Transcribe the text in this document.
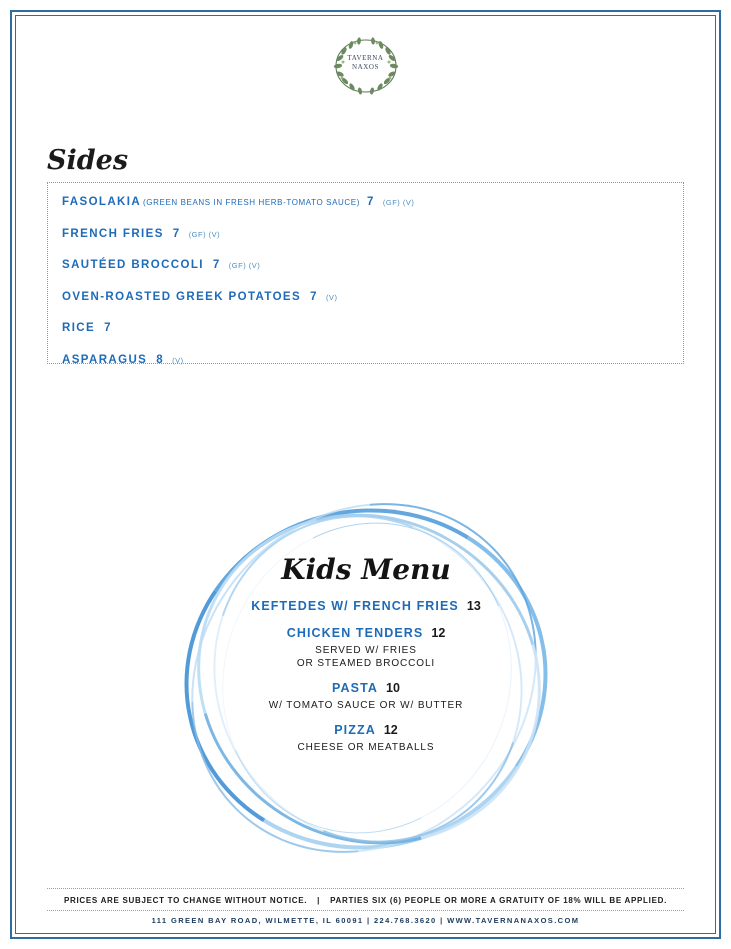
TAVERNA
NAXOS
Sides
FASOLAKIA (GREEN BEANS IN FRESH HERB-TOMATO SAUCE) 7 (GF) (V)
FRENCH FRIES 7 (GF) (V)
SAUTÉED BROCCOLI 7 (GF) (V)
OVEN-ROASTED GREEK POTATOES 7 (V)
RICE 7
ASPARAGUS 8 (V)
Kids Menu
KEFTEDES W/ FRENCH FRIES 13
CHICKEN TENDERS 12
SERVED W/ FRIES
OR STEAMED BROCCOLI
PASTA 10
W/ TOMATO SAUCE OR W/ BUTTER
PIZZA 12
CHEESE OR MEATBALLS
PRICES ARE SUBJECT TO CHANGE WITHOUT NOTICE. | PARTIES SIX (6) PEOPLE OR MORE A GRATUITY OF 18% WILL BE APPLIED.
111 GREEN BAY ROAD, WILMETTE, IL 60091 | 224.768.3620 | WWW.TAVERNANAXOS.COM
